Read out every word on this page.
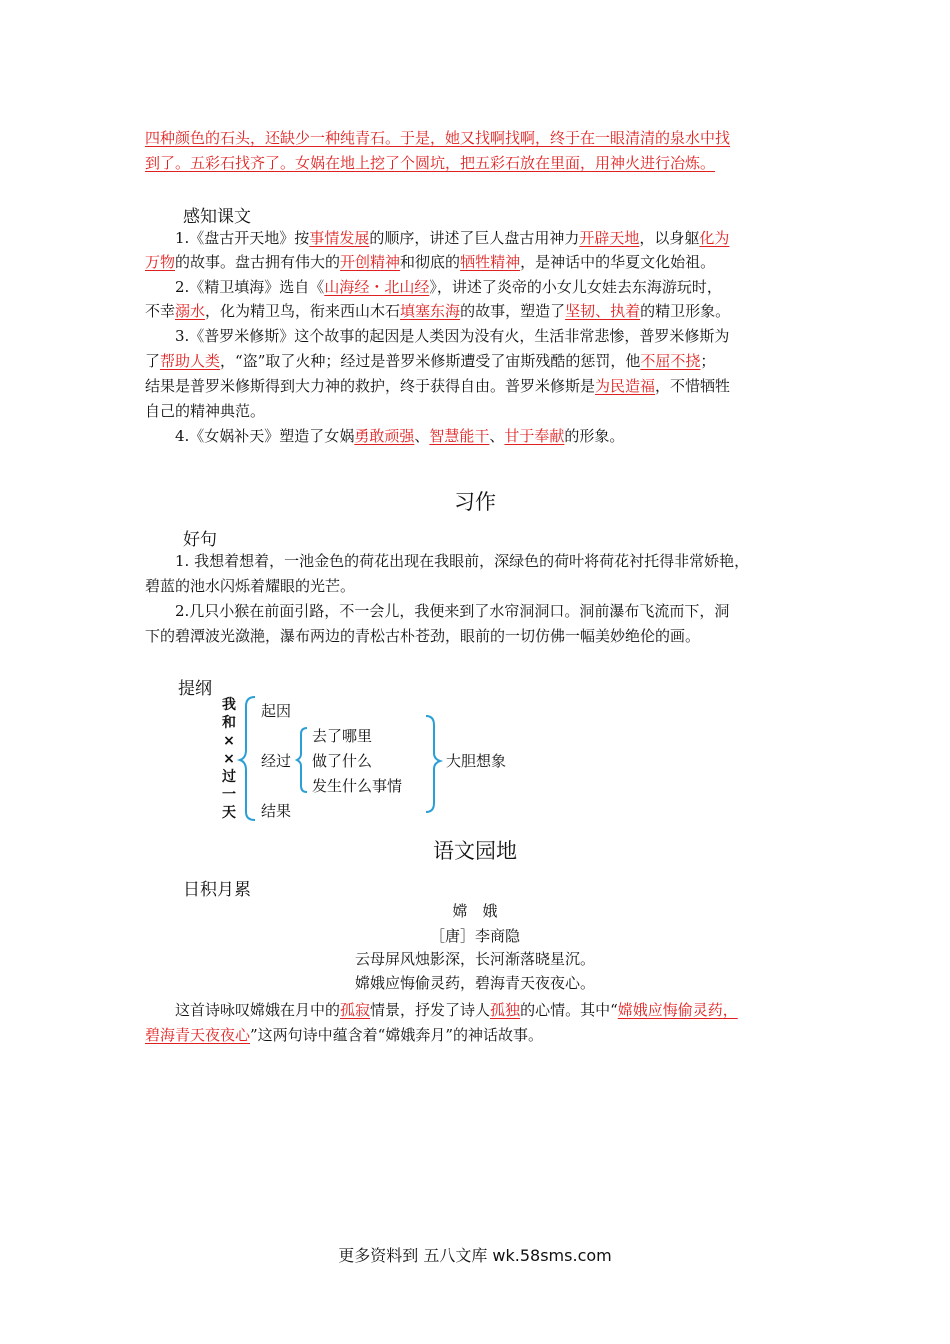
四种颜色的石头，还缺少一种纯青石。于是，她又找啊找啊，终于在一眼清清的泉水中找
到了。五彩石找齐了。女娲在地上挖了个圆坑，把五彩石放在里面，用神火进行冶炼。
感知课文
1.《盘古开天地》按事情发展的顺序，讲述了巨人盘古用神力开辟天地，以身躯化为
万物的故事。盘古拥有伟大的开创精神和彻底的牺牲精神，是神话中的华夏文化始祖。
2.《精卫填海》选自《山海经・北山经》，讲述了炎帝的小女儿女娃去东海游玩时，
不幸溺水，化为精卫鸟，衔来西山木石填塞东海的故事，塑造了坚韧、执着的精卫形象。
3.《普罗米修斯》这个故事的起因是人类因为没有火，生活非常悲惨，普罗米修斯为
了帮助人类，“盗”取了火种；经过是普罗米修斯遭受了宙斯残酷的惩罚，他不屈不挠；
结果是普罗米修斯得到大力神的救护，终于获得自由。普罗米修斯是为民造福，不惜牺牲
自己的精神典范。
4.《女娲补天》塑造了女娲勇敢顽强、智慧能干、甘于奉献的形象。
习作
好句
1. 我想着想着，一池金色的荷花出现在我眼前，深绿色的荷叶将荷花衬托得非常娇艳，
碧蓝的池水闪烁着耀眼的光芒。
2.几只小猴在前面引路，不一会儿，我便来到了水帘洞洞口。洞前瀑布飞流而下，洞
下的碧潭波光潋滟，瀑布两边的青松古朴苍劲，眼前的一切仿佛一幅美妙绝伦的画。
提纲
我
和
×
×
过
一
天
起因
经过
结果
去了哪里
做了什么
发生什么事情
大胆想象
语文园地
日积月累
嫦　娥
［唐］李商隐
云母屏风烛影深，长河渐落晓星沉。
嫦娥应悔偷灵药，碧海青天夜夜心。
这首诗咏叹嫦娥在月中的孤寂情景，抒发了诗人孤独的心情。其中“嫦娥应悔偷灵药，
碧海青天夜夜心”这两句诗中蕴含着“嫦娥奔月”的神话故事。
更多资料到 五八文库 wk.58sms.com
